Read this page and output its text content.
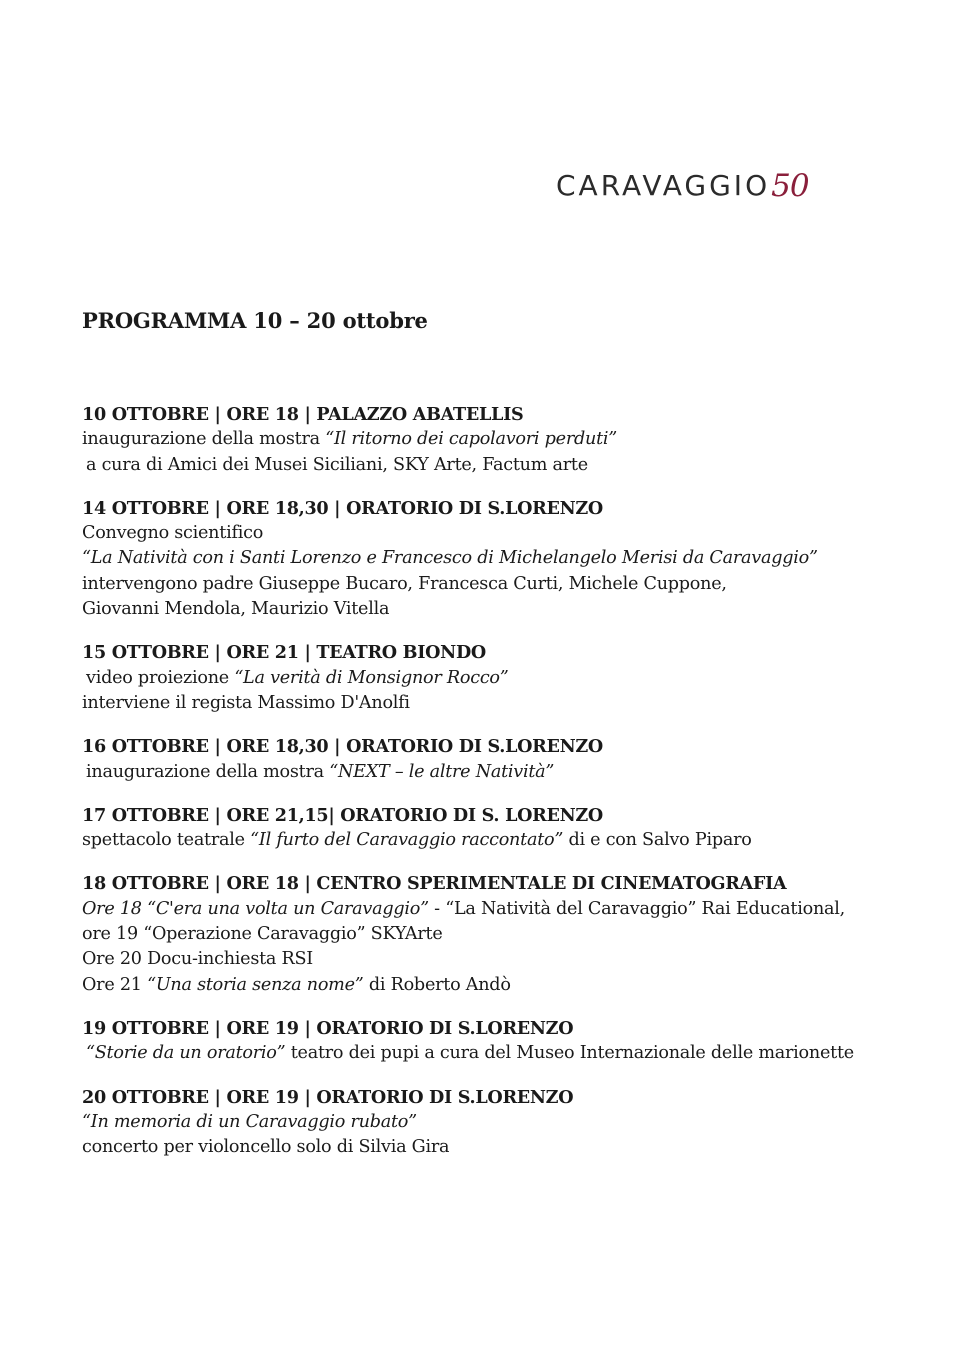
CARAVAGGIO 50
PROGRAMMA 10 – 20 ottobre
10 OTTOBRE | ORE 18 | PALAZZO ABATELLIS
inaugurazione della mostra “Il ritorno dei capolavori perduti”
a cura di Amici dei Musei Siciliani, SKY Arte, Factum arte
14 OTTOBRE | ORE 18,30 | ORATORIO DI S.LORENZO
Convegno scientifico
“La Natività con i Santi Lorenzo e Francesco di Michelangelo Merisi da Caravaggio”
intervengono padre Giuseppe Bucaro, Francesca Curti, Michele Cuppone,
Giovanni Mendola, Maurizio Vitella
15 OTTOBRE | ORE 21 | TEATRO BIONDO
video proiezione “La verità di Monsignor Rocco”
interviene il regista Massimo D'Anolfi
16 OTTOBRE | ORE 18,30 | ORATORIO DI S.LORENZO
inaugurazione della mostra “NEXT – le altre Natività”
17 OTTOBRE | ORE 21,15| ORATORIO DI S. LORENZO
spettacolo teatrale “Il furto del Caravaggio raccontato” di e con Salvo Piparo
18 OTTOBRE | ORE 18 | CENTRO SPERIMENTALE DI CINEMATOGRAFIA
Ore 18 “C'era una volta un Caravaggio” - “La Natività del Caravaggio” Rai Educational,
ore 19 “Operazione Caravaggio” SKYArte
Ore 20 Docu-inchiesta RSI
Ore 21 “Una storia senza nome” di Roberto Andò
19 OTTOBRE | ORE 19 | ORATORIO DI S.LORENZO
“Storie da un oratorio” teatro dei pupi a cura del Museo Internazionale delle marionette
20 OTTOBRE | ORE 19 | ORATORIO DI S.LORENZO
“In memoria di un Caravaggio rubato”
concerto per violoncello solo di Silvia Gira
